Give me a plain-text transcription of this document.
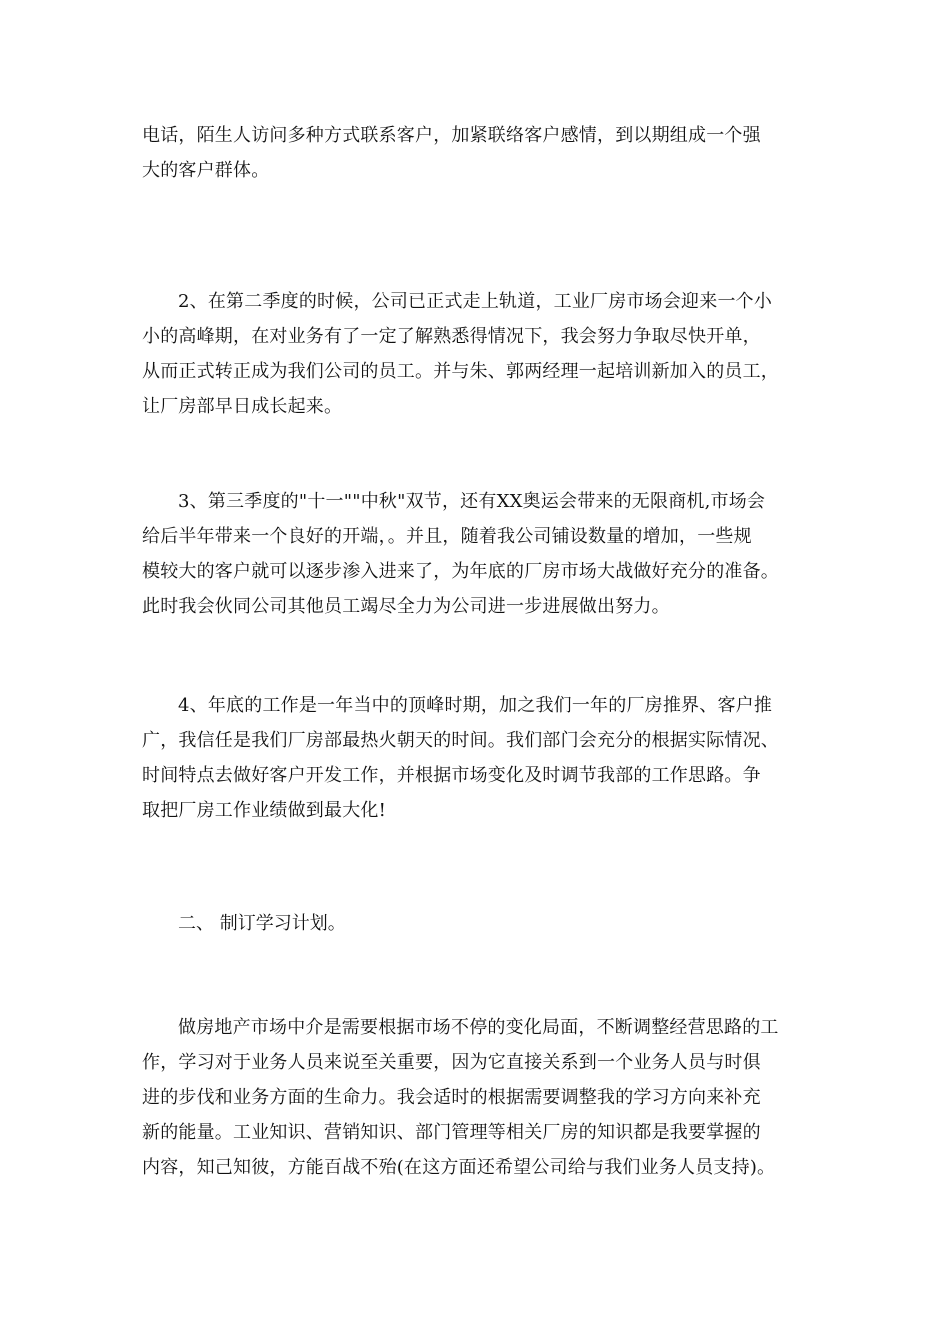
电话，陌生人访问多种方式联系客户，加紧联络客户感情，到以期组成一个强
大的客户群体。
2、在第二季度的时候，公司已正式走上轨道，工业厂房市场会迎来一个小
小的高峰期，在对业务有了一定了解熟悉得情况下，我会努力争取尽快开单，
从而正式转正成为我们公司的员工。并与朱、郭两经理一起培训新加入的员工，
让厂房部早日成长起来。
3、第三季度的"十一""中秋"双节，还有XX奥运会带来的无限商机,市场会
给后半年带来一个良好的开端，。并且，随着我公司铺设数量的增加，一些规
模较大的客户就可以逐步渗入进来了，为年底的厂房市场大战做好充分的准备。
此时我会伙同公司其他员工竭尽全力为公司进一步进展做出努力。
4、年底的工作是一年当中的顶峰时期，加之我们一年的厂房推界、客户推
广，我信任是我们厂房部最热火朝天的时间。我们部门会充分的根据实际情况、
时间特点去做好客户开发工作，并根据市场变化及时调节我部的工作思路。争
取把厂房工作业绩做到最大化!
二、 制订学习计划。
做房地产市场中介是需要根据市场不停的变化局面，不断调整经营思路的工
作，学习对于业务人员来说至关重要，因为它直接关系到一个业务人员与时俱
进的步伐和业务方面的生命力。我会适时的根据需要调整我的学习方向来补充
新的能量。工业知识、营销知识、部门管理等相关厂房的知识都是我要掌握的
内容，知己知彼，方能百战不殆(在这方面还希望公司给与我们业务人员支持)。
